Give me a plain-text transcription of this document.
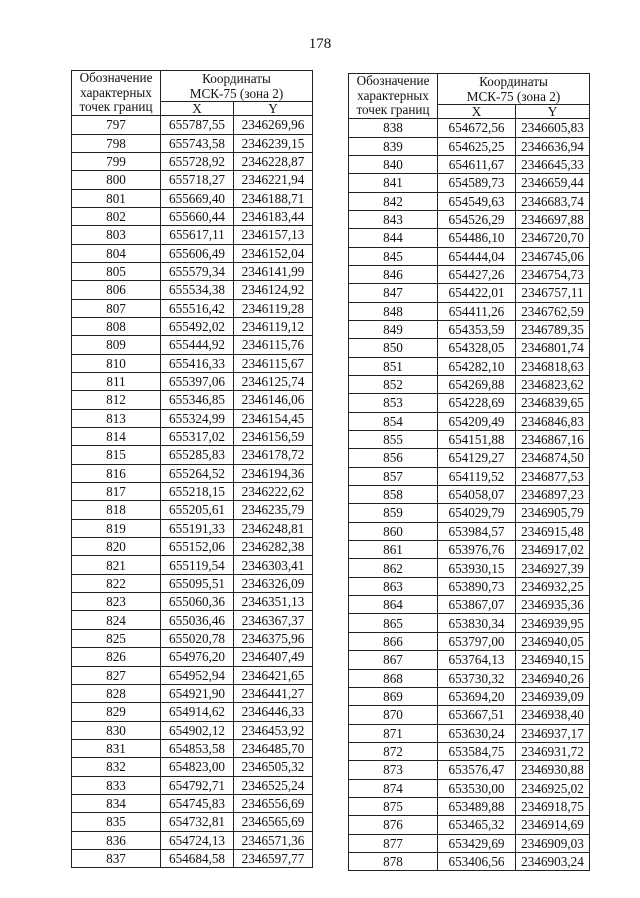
178
Обозначение
характерных
точек границ	Координаты	
	МСК-75 (зона 2)	
	X	Y
797	655787,55	2346269,96
798	655743,58	2346239,15
799	655728,92	2346228,87
800	655718,27	2346221,94
801	655669,40	2346188,71
802	655660,44	2346183,44
803	655617,11	2346157,13
804	655606,49	2346152,04
805	655579,34	2346141,99
806	655534,38	2346124,92
807	655516,42	2346119,28
808	655492,02	2346119,12
809	655444,92	2346115,76
810	655416,33	2346115,67
811	655397,06	2346125,74
812	655346,85	2346146,06
813	655324,99	2346154,45
814	655317,02	2346156,59
815	655285,83	2346178,72
816	655264,52	2346194,36
817	655218,15	2346222,62
818	655205,61	2346235,79
819	655191,33	2346248,81
820	655152,06	2346282,38
821	655119,54	2346303,41
822	655095,51	2346326,09
823	655060,36	2346351,13
824	655036,46	2346367,37
825	655020,78	2346375,96
826	654976,20	2346407,49
827	654952,94	2346421,65
828	654921,90	2346441,27
829	654914,62	2346446,33
830	654902,12	2346453,92
831	654853,58	2346485,70
832	654823,00	2346505,32
833	654792,71	2346525,24
834	654745,83	2346556,69
835	654732,81	2346565,69
836	654724,13	2346571,36
837	654684,58	2346597,77
Обозначение
характерных
точек границ	Координаты	
	МСК-75 (зона 2)	
	X	Y
838	654672,56	2346605,83
839	654625,25	2346636,94
840	654611,67	2346645,33
841	654589,73	2346659,44
842	654549,63	2346683,74
843	654526,29	2346697,88
844	654486,10	2346720,70
845	654444,04	2346745,06
846	654427,26	2346754,73
847	654422,01	2346757,11
848	654411,26	2346762,59
849	654353,59	2346789,35
850	654328,05	2346801,74
851	654282,10	2346818,63
852	654269,88	2346823,62
853	654228,69	2346839,65
854	654209,49	2346846,83
855	654151,88	2346867,16
856	654129,27	2346874,50
857	654119,52	2346877,53
858	654058,07	2346897,23
859	654029,79	2346905,79
860	653984,57	2346915,48
861	653976,76	2346917,02
862	653930,15	2346927,39
863	653890,73	2346932,25
864	653867,07	2346935,36
865	653830,34	2346939,95
866	653797,00	2346940,05
867	653764,13	2346940,15
868	653730,32	2346940,26
869	653694,20	2346939,09
870	653667,51	2346938,40
871	653630,24	2346937,17
872	653584,75	2346931,72
873	653576,47	2346930,88
874	653530,00	2346925,02
875	653489,88	2346918,75
876	653465,32	2346914,69
877	653429,69	2346909,03
878	653406,56	2346903,24
